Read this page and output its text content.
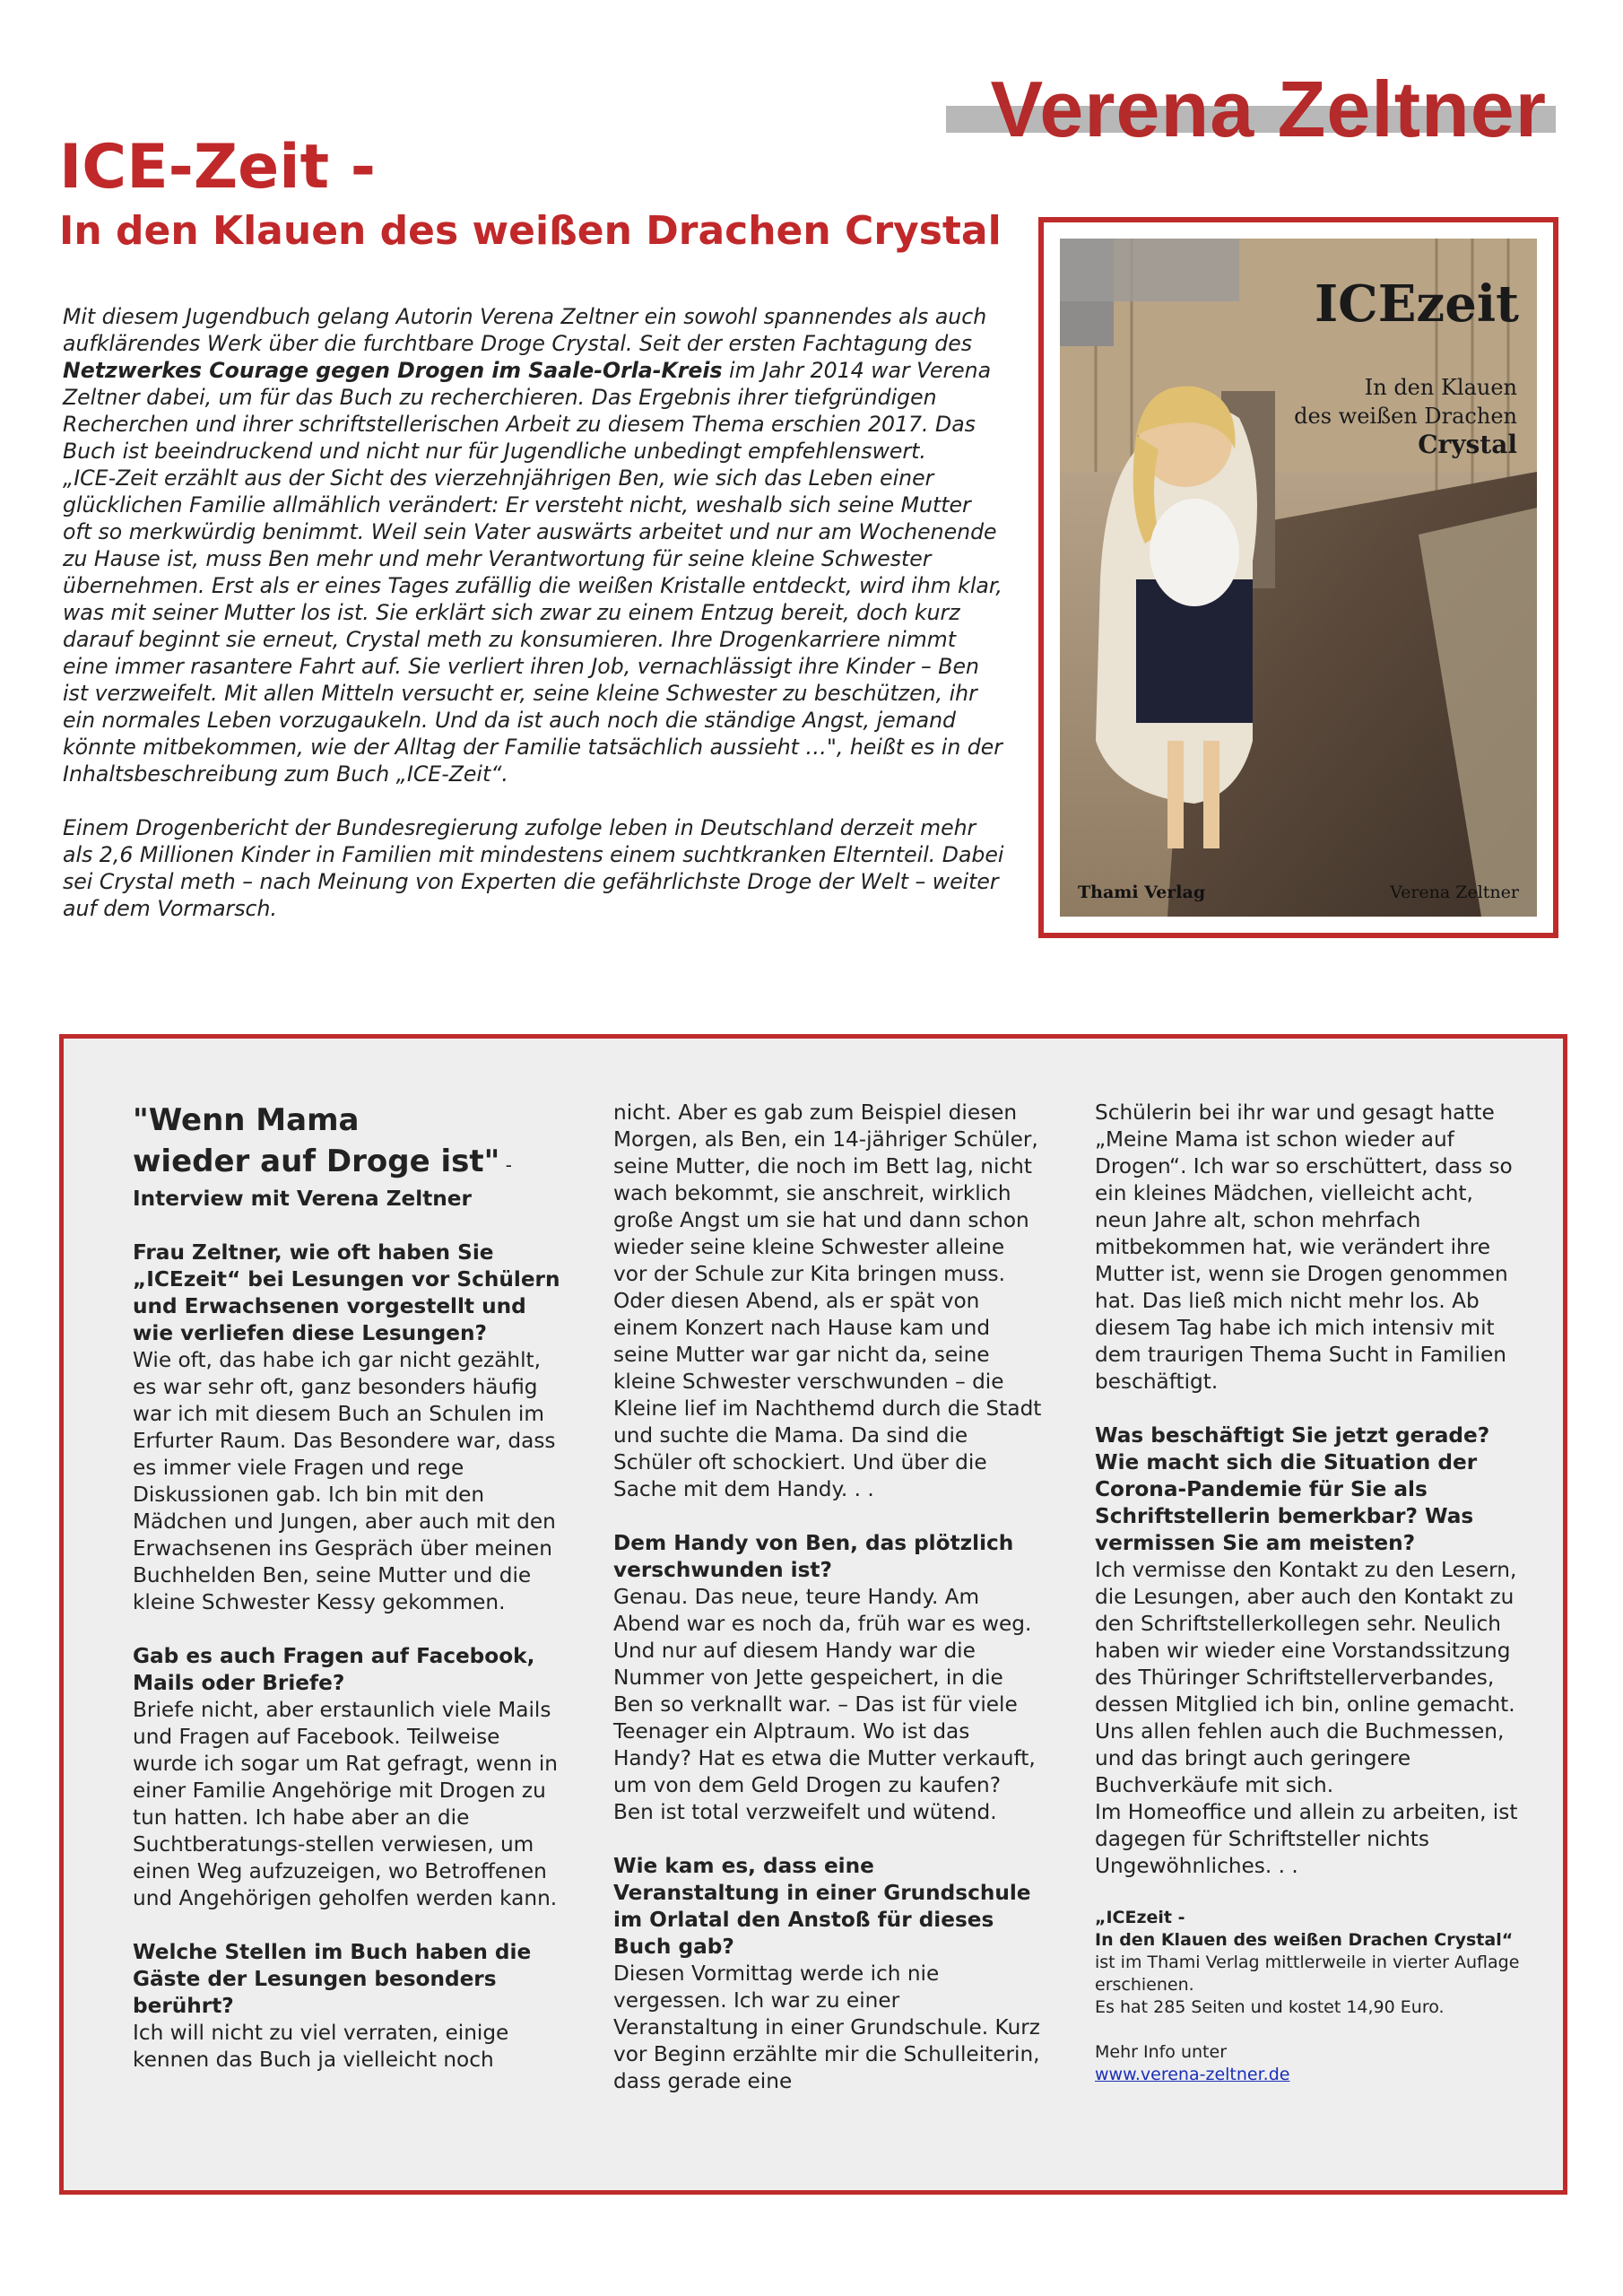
Verena Zeltner
ICE-Zeit -
In den Klauen des weißen Drachen Crystal

Mit diesem Jugendbuch gelang Autorin Verena Zeltner ein sowohl spannendes als auch aufklärendes Werk über die furchtbare Droge Crystal. Seit der ersten Fachtagung des Netzwerkes Courage gegen Drogen im Saale-Orla-Kreis im Jahr 2014 war Verena Zeltner dabei, um für das Buch zu recherchieren. Das Ergebnis ihrer tiefgründigen Recherchen und ihrer schriftstellerischen Arbeit zu diesem Thema erschien 2017. Das Buch ist beeindruckend und nicht nur für Jugendliche unbedingt empfehlenswert.

„ICE-Zeit erzählt aus der Sicht des vierzehnjährigen Ben, wie sich das Leben einer glücklichen Familie allmählich verändert: Er versteht nicht, weshalb sich seine Mutter oft so merkwürdig benimmt. Weil sein Vater auswärts arbeitet und nur am Wochenende zu Hause ist, muss Ben mehr und mehr Verantwortung für seine kleine Schwester übernehmen. Erst als er eines Tages zufällig die weißen Kristalle entdeckt, wird ihm klar, was mit seiner Mutter los ist. Sie erklärt sich zwar zu einem Entzug bereit, doch kurz darauf beginnt sie erneut, Crystal meth zu konsumieren. Ihre Drogenkarriere nimmt eine immer rasantere Fahrt auf. Sie verliert ihren Job, vernachlässigt ihre Kinder – Ben ist verzweifelt. Mit allen Mitteln versucht er, seine kleine Schwester zu beschützen, ihr ein normales Leben vorzugaukeln. Und da ist auch noch die ständige Angst, jemand könnte mitbekommen, wie der Alltag der Familie tatsächlich aussieht …", heißt es in der Inhaltsbeschreibung zum Buch „ICE-Zeit“.

Einem Drogenbericht der Bundesregierung zufolge leben in Deutschland derzeit mehr als 2,6 Millionen Kinder in Familien mit mindestens einem suchtkranken Elternteil. Dabei sei Crystal meth – nach Meinung von Experten die gefährlichste Droge der Welt – weiter auf dem Vormarsch.

ICEzeit
In den Klauen
des weißen Drachen
Crystal
Thami Verlag	Verena Zeltner
"Wenn Mama
wieder auf Droge ist" -
Interview mit Verena Zeltner

Frau Zeltner, wie oft haben Sie „ICEzeit“ bei Lesungen vor Schülern und Erwachsenen vorgestellt und wie verliefen diese Lesungen?

Wie oft, das habe ich gar nicht gezählt, es war sehr oft, ganz besonders häufig war ich mit diesem Buch an Schulen im Erfurter Raum. Das Besondere war, dass es immer viele Fragen und rege Diskussionen gab. Ich bin mit den Mädchen und Jungen, aber auch mit den Erwachsenen ins Gespräch über meinen Buchhelden Ben, seine Mutter und die kleine Schwester Kessy gekommen.

Gab es auch Fragen auf Facebook, Mails oder Briefe?

Briefe nicht, aber erstaunlich viele Mails und Fragen auf Facebook. Teilweise wurde ich sogar um Rat gefragt, wenn in einer Familie Angehörige mit Drogen zu tun hatten. Ich habe aber an die Suchtberatungs-stellen verwiesen, um einen Weg aufzuzeigen, wo Betroffenen und Angehörigen geholfen werden kann.

Welche Stellen im Buch haben die Gäste der Lesungen besonders berührt?

Ich will nicht zu viel verraten, einige kennen das Buch ja vielleicht noch

nicht. Aber es gab zum Beispiel diesen Morgen, als Ben, ein 14-jähriger Schüler, seine Mutter, die noch im Bett lag, nicht wach bekommt, sie anschreit, wirklich große Angst um sie hat und dann schon wieder seine kleine Schwester alleine vor der Schule zur Kita bringen muss.

Oder diesen Abend, als er spät von einem Konzert nach Hause kam und seine Mutter war gar nicht da, seine kleine Schwester verschwunden – die Kleine lief im Nachthemd durch die Stadt und suchte die Mama. Da sind die Schüler oft schockiert. Und über die Sache mit dem Handy. . .

Dem Handy von Ben, das plötzlich verschwunden ist?

Genau. Das neue, teure Handy. Am Abend war es noch da, früh war es weg. Und nur auf diesem Handy war die Nummer von Jette gespeichert, in die Ben so verknallt war. – Das ist für viele Teenager ein Alptraum. Wo ist das Handy? Hat es etwa die Mutter verkauft, um von dem Geld Drogen zu kaufen? Ben ist total verzweifelt und wütend.

Wie kam es, dass eine Veranstaltung in einer Grundschule im Orlatal den Anstoß für dieses Buch gab?

Diesen Vormittag werde ich nie vergessen. Ich war zu einer Veranstaltung in einer Grundschule. Kurz vor Beginn erzählte mir die Schulleiterin, dass gerade eine

Schülerin bei ihr war und gesagt hatte „Meine Mama ist schon wieder auf Drogen“. Ich war so erschüttert, dass so ein kleines Mädchen, vielleicht acht, neun Jahre alt, schon mehrfach mitbekommen hat, wie verändert ihre Mutter ist, wenn sie Drogen genommen hat. Das ließ mich nicht mehr los. Ab diesem Tag habe ich mich intensiv mit dem traurigen Thema Sucht in Familien beschäftigt.

Was beschäftigt Sie jetzt gerade? Wie macht sich die Situation der Corona-Pandemie für Sie als Schriftstellerin bemerkbar? Was vermissen Sie am meisten?

Ich vermisse den Kontakt zu den Lesern, die Lesungen, aber auch den Kontakt zu den Schriftstellerkollegen sehr. Neulich haben wir wieder eine Vorstandssitzung des Thüringer Schriftstellerverbandes, dessen Mitglied ich bin, online gemacht.

Uns allen fehlen auch die Buchmessen, und das bringt auch geringere Buchverkäufe mit sich.

Im Homeoffice und allein zu arbeiten, ist dagegen für Schriftsteller nichts Ungewöhnliches. . .

„ICEzeit -
In den Klauen des weißen Drachen Crystal“
ist im Thami Verlag mittlerweile in vierter Auflage erschienen.
Es hat 285 Seiten und kostet 14,90 Euro.
Mehr Info unter
www.verena-zeltner.de
